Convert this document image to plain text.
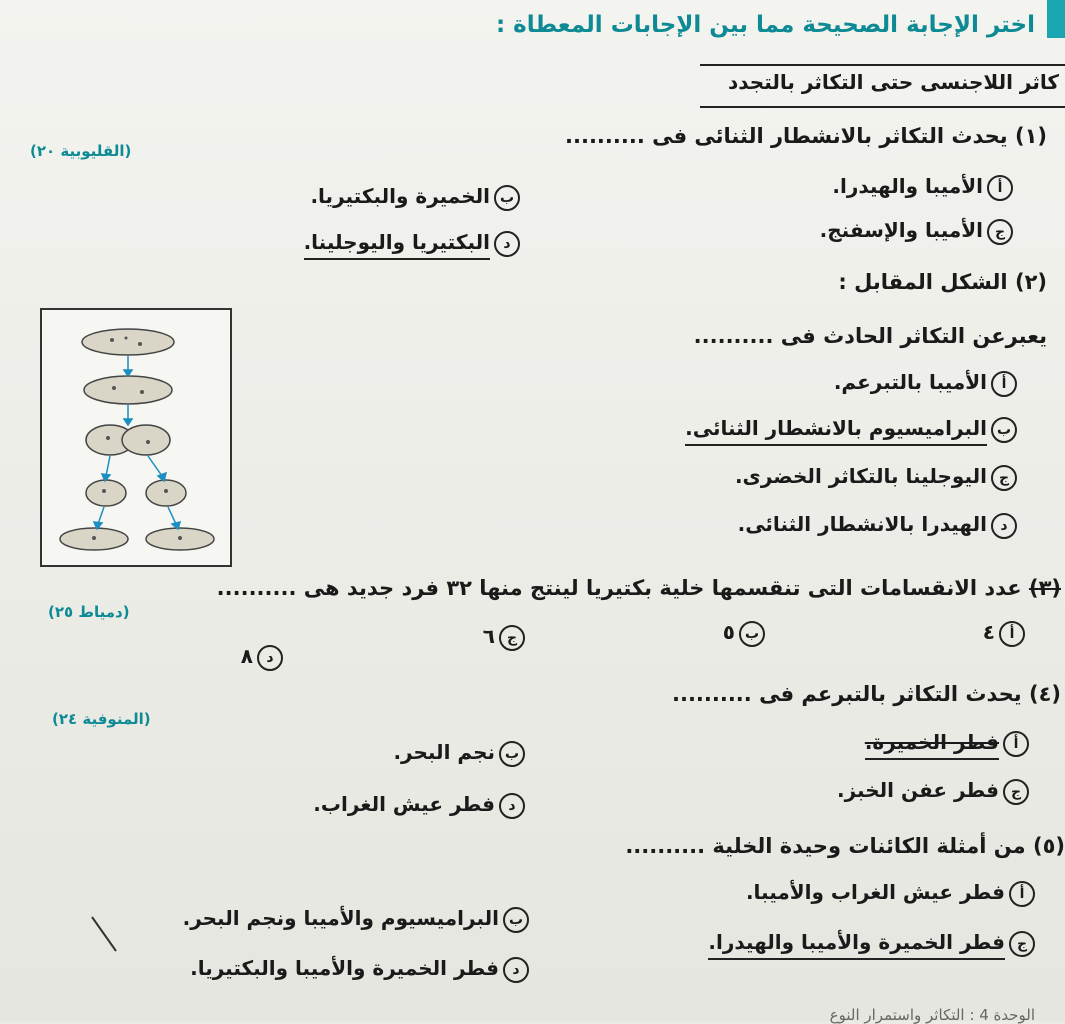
اختر الإجابة الصحيحة مما بين الإجابات المعطاة :
كاثر اللاجنسى حتى التكاثر بالتجدد
(١) يحدث التكاثر بالانشطار الثنائى فى ..........
(القليوبية ٢٠)
أالأميبا والهيدرا.
بالخميرة والبكتيريا.
جالأميبا والإسفنج.
دالبكتيريا واليوجلينا.
(٢) الشكل المقابل :
يعبرعن التكاثر الحادث فى ..........
أالأميبا بالتبرعم.
بالبراميسيوم بالانشطار الثنائى.
جاليوجلينا بالتكاثر الخضرى.
دالهيدرا بالانشطار الثنائى.
(٣) عدد الانقسامات التى تنقسمها خلية بكتيريا لينتج منها ٣٢ فرد جديد هى ..........
(دمياط ٢٥)
أ٤
ب٥
ج٦
د٨
(٤) يحدث التكاثر بالتبرعم فى ..........
(المنوفية ٢٤)
أفطر الخميرة.
بنجم البحر.
جفطر عفن الخبز.
دفطر عيش الغراب.
(٥) من أمثلة الكائنات وحيدة الخلية ..........
أفطر عيش الغراب والأميبا.
بالبراميسيوم والأميبا ونجم البحر.
جفطر الخميرة والأميبا والهيدرا.
دفطر الخميرة والأميبا والبكتيريا.
الوحدة 4 : التكاثر واستمرار النوع
